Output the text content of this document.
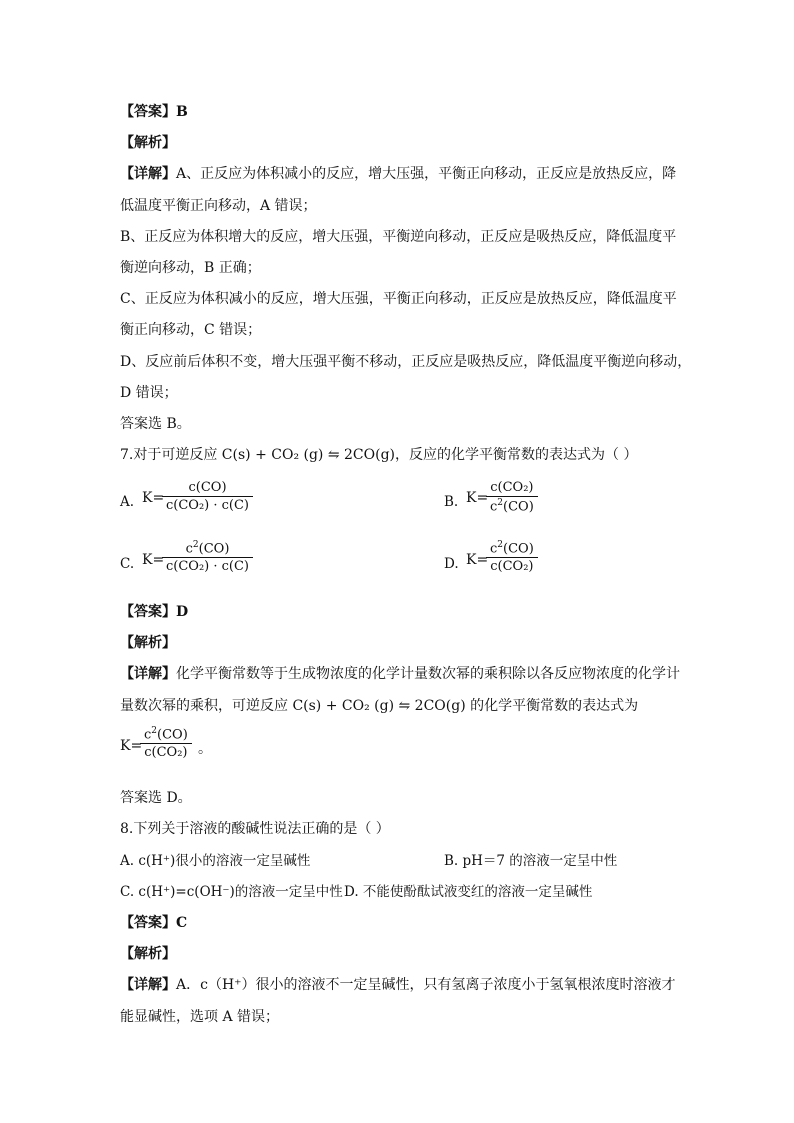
【答案】B
【解析】
【详解】A、正反应为体积减小的反应，增大压强，平衡正向移动，正反应是放热反应，降
低温度平衡正向移动，A 错误；
B、正反应为体积增大的反应，增大压强，平衡逆向移动，正反应是吸热反应，降低温度平
衡逆向移动，B 正确；
C、正反应为体积减小的反应，增大压强，平衡正向移动，正反应是放热反应，降低温度平
衡正向移动，C 错误；
D、反应前后体积不变，增大压强平衡不移动，正反应是吸热反应，降低温度平衡逆向移动，
D 错误；
答案选 B。
7.对于可逆反应 C(s) + CO₂ (g) ⇋ 2CO(g)，反应的化学平衡常数的表达式为（ ）
A. K=
$\frac{c(CO)}{\text{c(CO₂) · c(C)}}$	B. K=
$\frac{\text{c(CO₂)}}{c^2(CO)}$
C. K=
$\frac{c^2(CO)}{\text{c(CO₂) · c(C)}}$	D. K=
$\frac{c^2(CO)}{\text{c(CO₂)}}$
【答案】D
【解析】
【详解】化学平衡常数等于生成物浓度的化学计量数次幂的乘积除以各反应物浓度的化学计
量数次幂的乘积，可逆反应 C(s) + CO₂ (g) ⇋ 2CO(g) 的化学平衡常数的表达式为
K=
$\frac{c^2(CO)}{\text{c(CO₂)}}$ 。
答案选 D。
8.下列关于溶液的酸碱性说法正确的是（ ）
A. c(H⁺)很小的溶液一定呈碱性	B. pH＝7 的溶液一定呈中性
C. c(H⁺)=c(OH⁻)的溶液一定呈中性 D. 不能使酚酞试液变红的溶液一定呈碱性
【答案】C
【解析】
【详解】A．c（H⁺）很小的溶液不一定呈碱性，只有氢离子浓度小于氢氧根浓度时溶液才
能显碱性，选项 A 错误；
